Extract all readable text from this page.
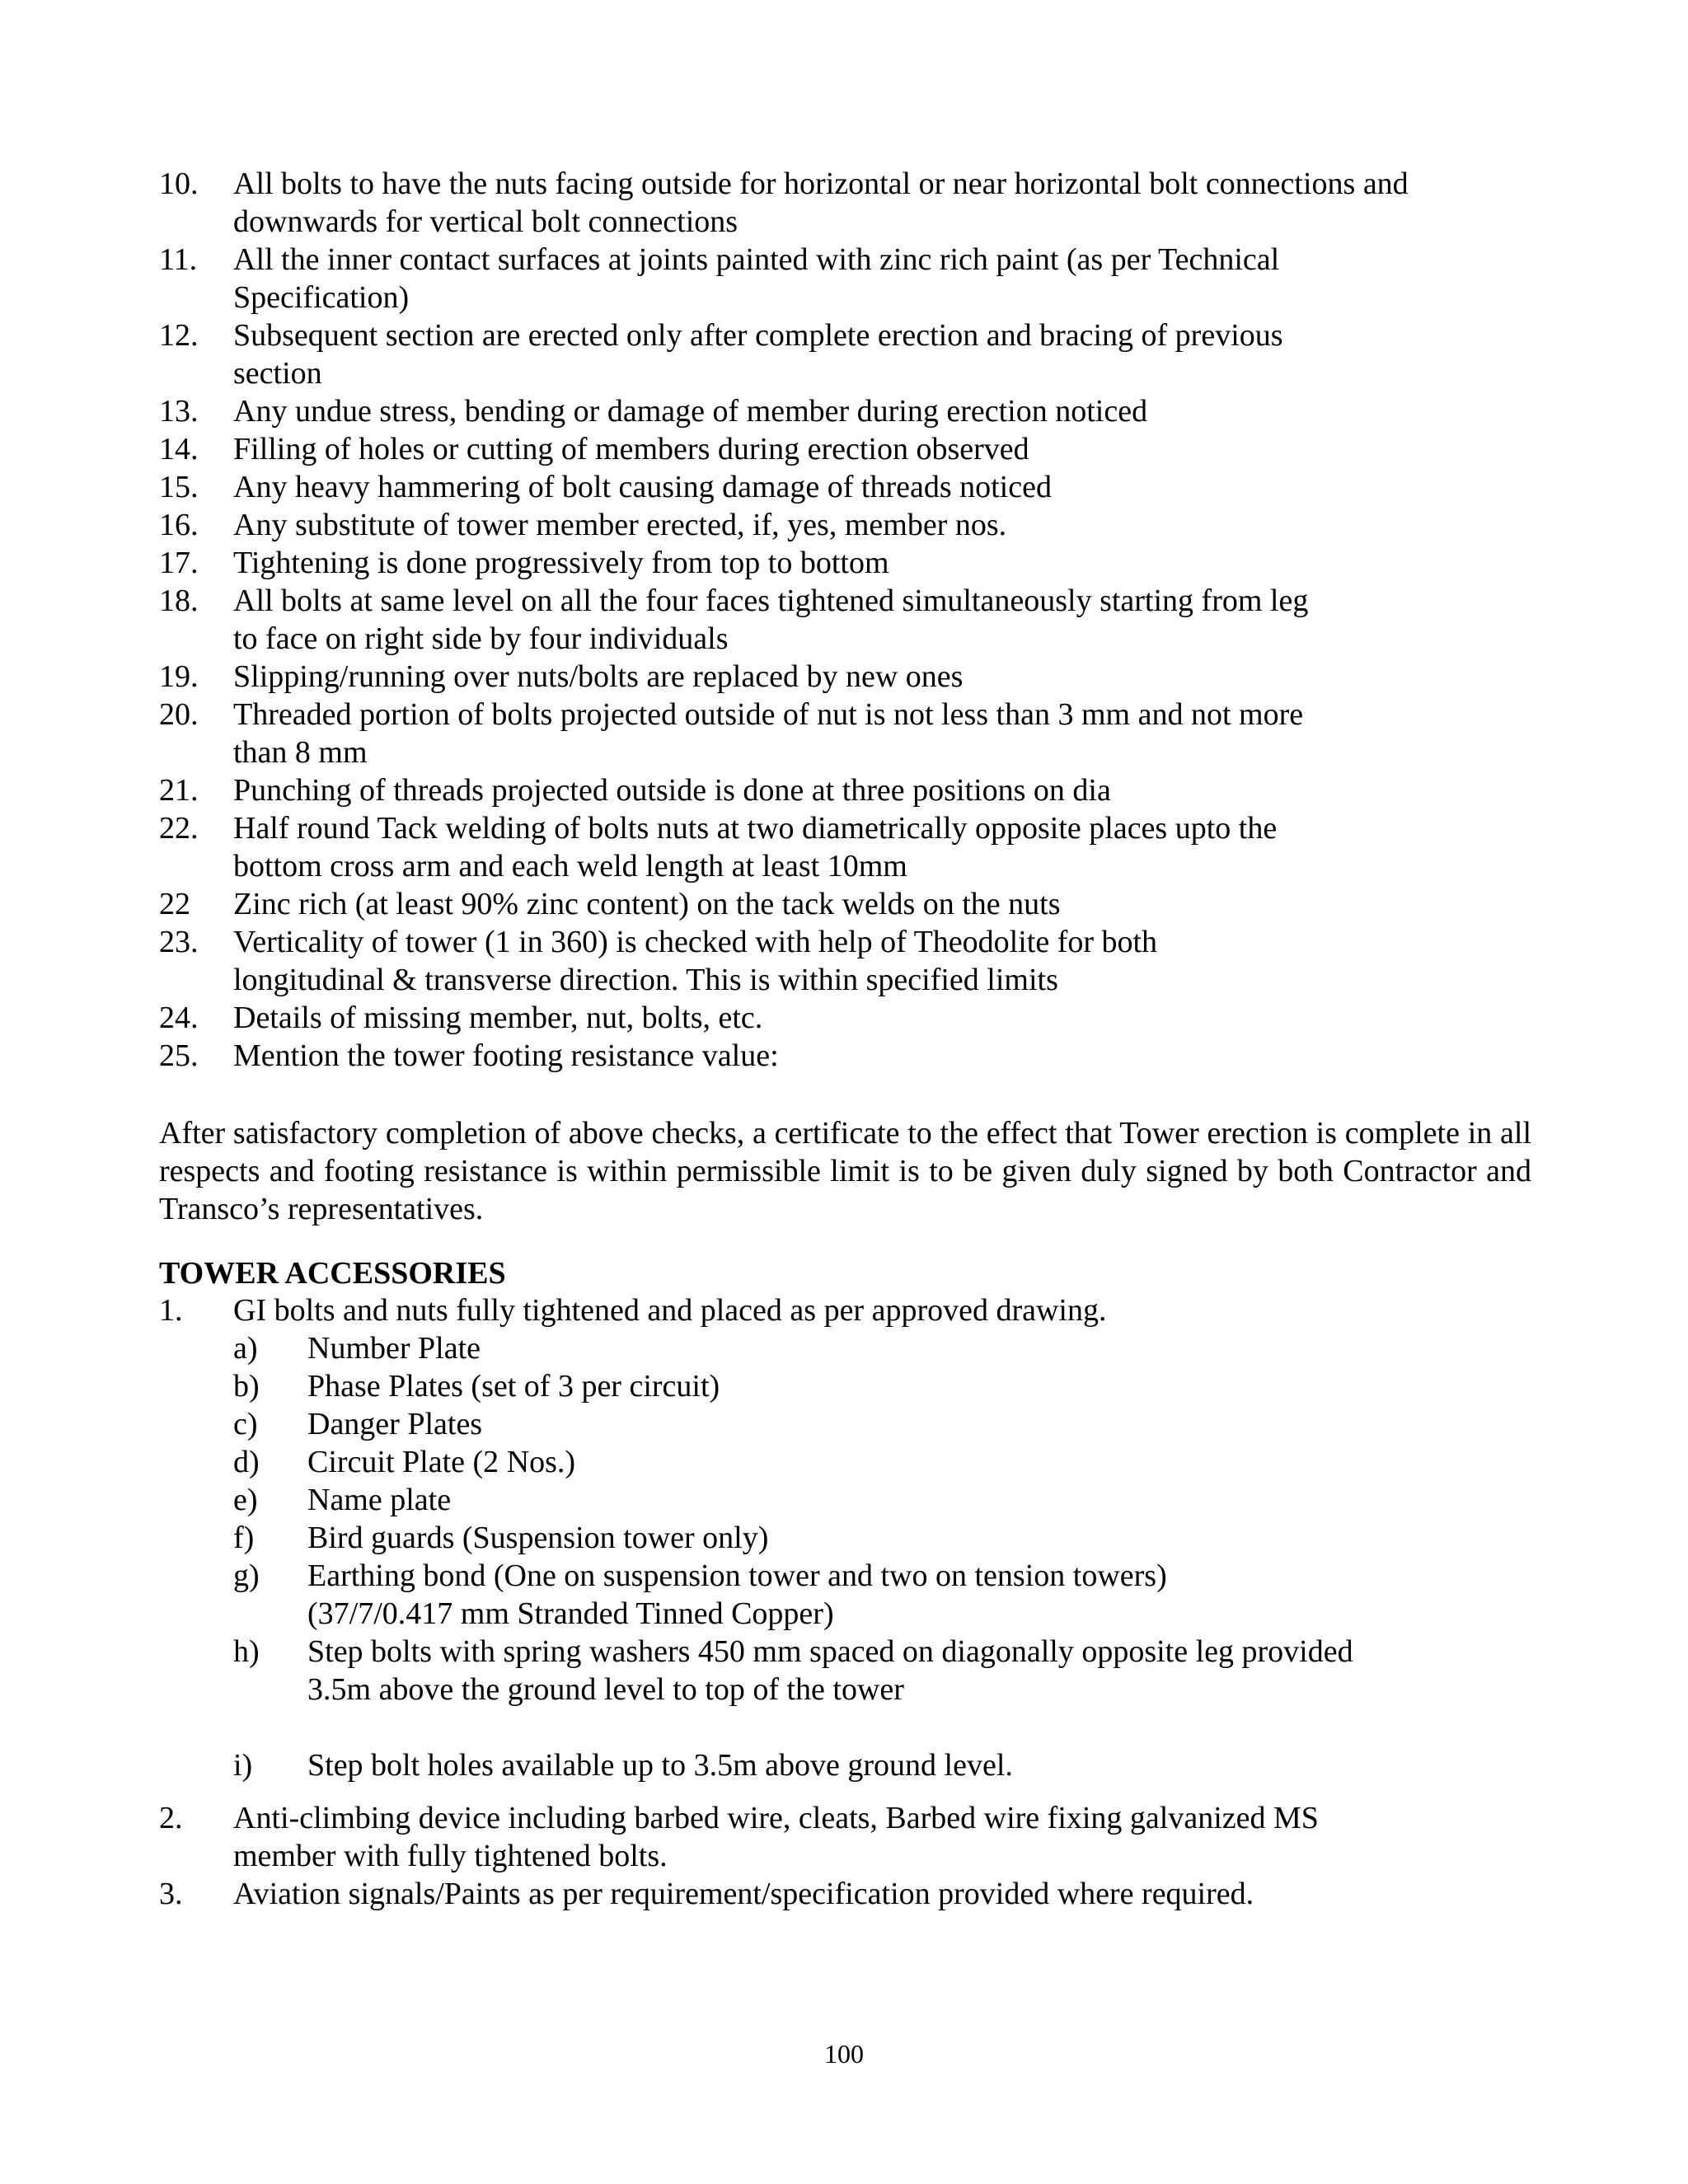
10. All bolts to have the nuts facing outside for horizontal or near horizontal bolt connections and
downwards for vertical bolt connections
11. All the inner contact surfaces at joints painted with zinc rich paint (as per Technical
Specification)
12. Subsequent section are erected only after complete erection and bracing of previous
section
13. Any undue stress, bending or damage of member during erection noticed
14. Filling of holes or cutting of members during erection observed
15. Any heavy hammering of bolt causing damage of threads noticed
16. Any substitute of tower member erected, if, yes, member nos.
17. Tightening is done progressively from top to bottom
18. All bolts at same level on all the four faces tightened simultaneously starting from leg
to face on right side by four individuals
19. Slipping/running over nuts/bolts are replaced by new ones
20. Threaded portion of bolts projected outside of nut is not less than 3 mm and not more
than 8 mm
21. Punching of threads projected outside is done at three positions on dia
22. Half round Tack welding of bolts nuts at two diametrically opposite places upto the
bottom cross arm and each weld length at least 10mm
22 Zinc rich (at least 90% zinc content) on the tack welds on the nuts
23. Verticality of tower (1 in 360) is checked with help of Theodolite for both
longitudinal & transverse direction. This is within specified limits
24. Details of missing member, nut, bolts, etc.
25. Mention the tower footing resistance value:

After satisfactory completion of above checks, a certificate to the effect that Tower erection is complete in all respects and footing resistance is within permissible limit is to be given duly signed by both Contractor and Transco’s representatives.

TOWER ACCESSORIES
1. GI bolts and nuts fully tightened and placed as per approved drawing.
a) Number Plate
b) Phase Plates (set of 3 per circuit)
c) Danger Plates
d) Circuit Plate (2 Nos.)
e) Name plate
f) Bird guards (Suspension tower only)
g) Earthing bond (One on suspension tower and two on tension towers)
(37/7/0.417 mm Stranded Tinned Copper)
h) Step bolts with spring washers 450 mm spaced on diagonally opposite leg provided
3.5m above the ground level to top of the tower
i) Step bolt holes available up to 3.5m above ground level.
2. Anti-climbing device including barbed wire, cleats, Barbed wire fixing galvanized MS
member with fully tightened bolts.
3. Aviation signals/Paints as per requirement/specification provided where required.
100
